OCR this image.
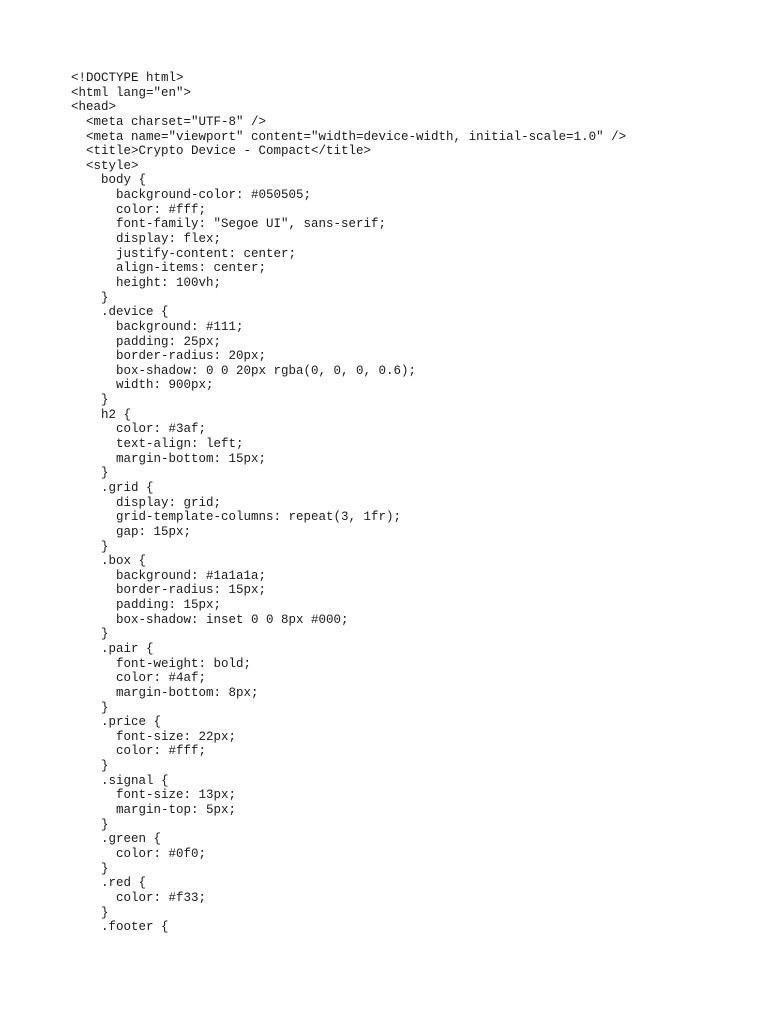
<!DOCTYPE html>
<html lang="en">
<head>
<meta charset="UTF-8" />
<meta name="viewport" content="width=device-width, initial-scale=1.0" />
<title>Crypto Device - Compact</title>
<style>
body {
background-color: #050505;
color: #fff;
font-family: "Segoe UI", sans-serif;
display: flex;
justify-content: center;
align-items: center;
height: 100vh;
}
.device {
background: #111;
padding: 25px;
border-radius: 20px;
box-shadow: 0 0 20px rgba(0, 0, 0, 0.6);
width: 900px;
}
h2 {
color: #3af;
text-align: left;
margin-bottom: 15px;
}
.grid {
display: grid;
grid-template-columns: repeat(3, 1fr);
gap: 15px;
}
.box {
background: #1a1a1a;
border-radius: 15px;
padding: 15px;
box-shadow: inset 0 0 8px #000;
}
.pair {
font-weight: bold;
color: #4af;
margin-bottom: 8px;
}
.price {
font-size: 22px;
color: #fff;
}
.signal {
font-size: 13px;
margin-top: 5px;
}
.green {
color: #0f0;
}
.red {
color: #f33;
}
.footer {
